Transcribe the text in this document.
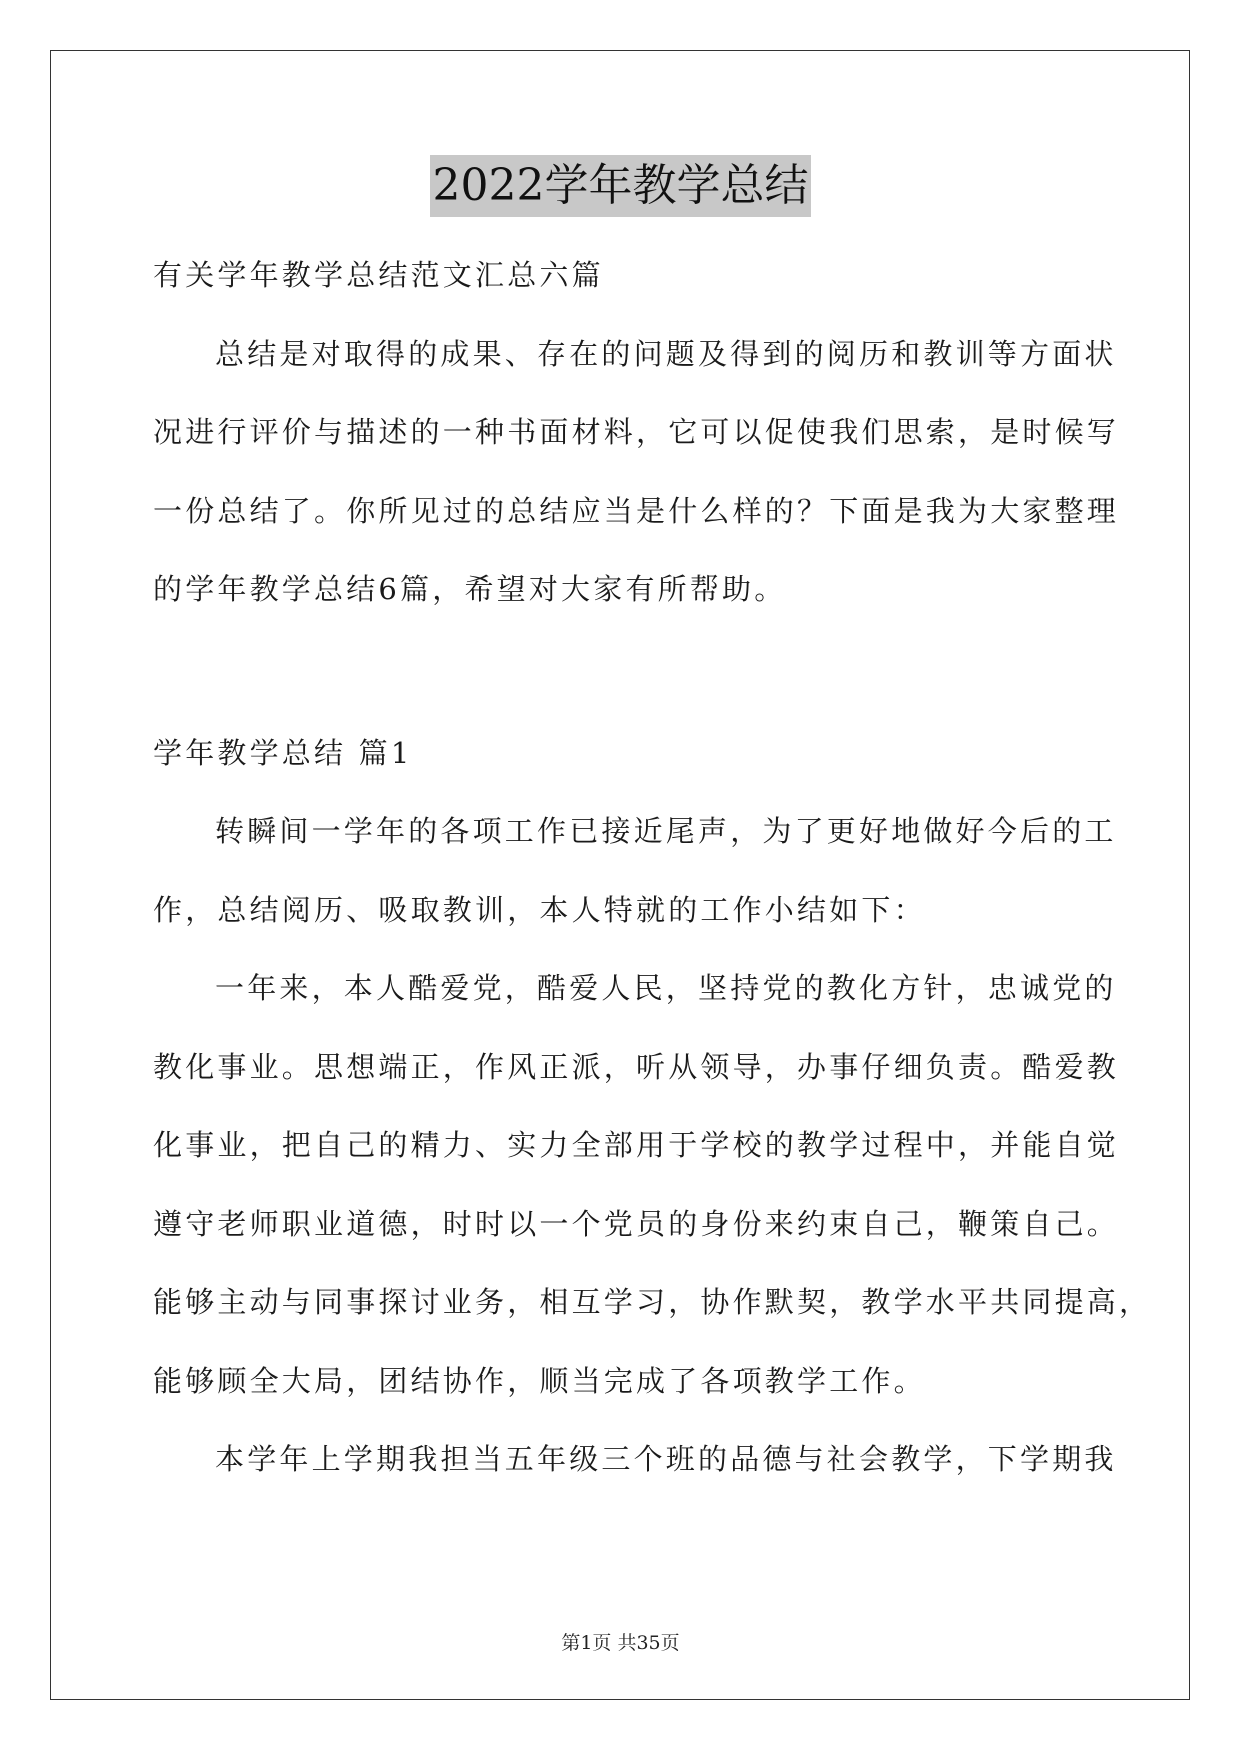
2022学年教学总结
有关学年教学总结范文汇总六篇
总结是对取得的成果、存在的问题及得到的阅历和教训等方面状
况进行评价与描述的一种书面材料，它可以促使我们思索，是时候写
一份总结了。你所见过的总结应当是什么样的？下面是我为大家整理
的学年教学总结6篇，希望对大家有所帮助。
学年教学总结 篇1
转瞬间一学年的各项工作已接近尾声，为了更好地做好今后的工
作，总结阅历、吸取教训，本人特就的工作小结如下：
一年来，本人酷爱党，酷爱人民，坚持党的教化方针，忠诚党的
教化事业。思想端正，作风正派，听从领导，办事仔细负责。酷爱教
化事业，把自己的精力、实力全部用于学校的教学过程中，并能自觉
遵守老师职业道德，时时以一个党员的身份来约束自己，鞭策自己。
能够主动与同事探讨业务，相互学习，协作默契，教学水平共同提高，
能够顾全大局，团结协作，顺当完成了各项教学工作。
本学年上学期我担当五年级三个班的品德与社会教学，下学期我
第1页 共35页
